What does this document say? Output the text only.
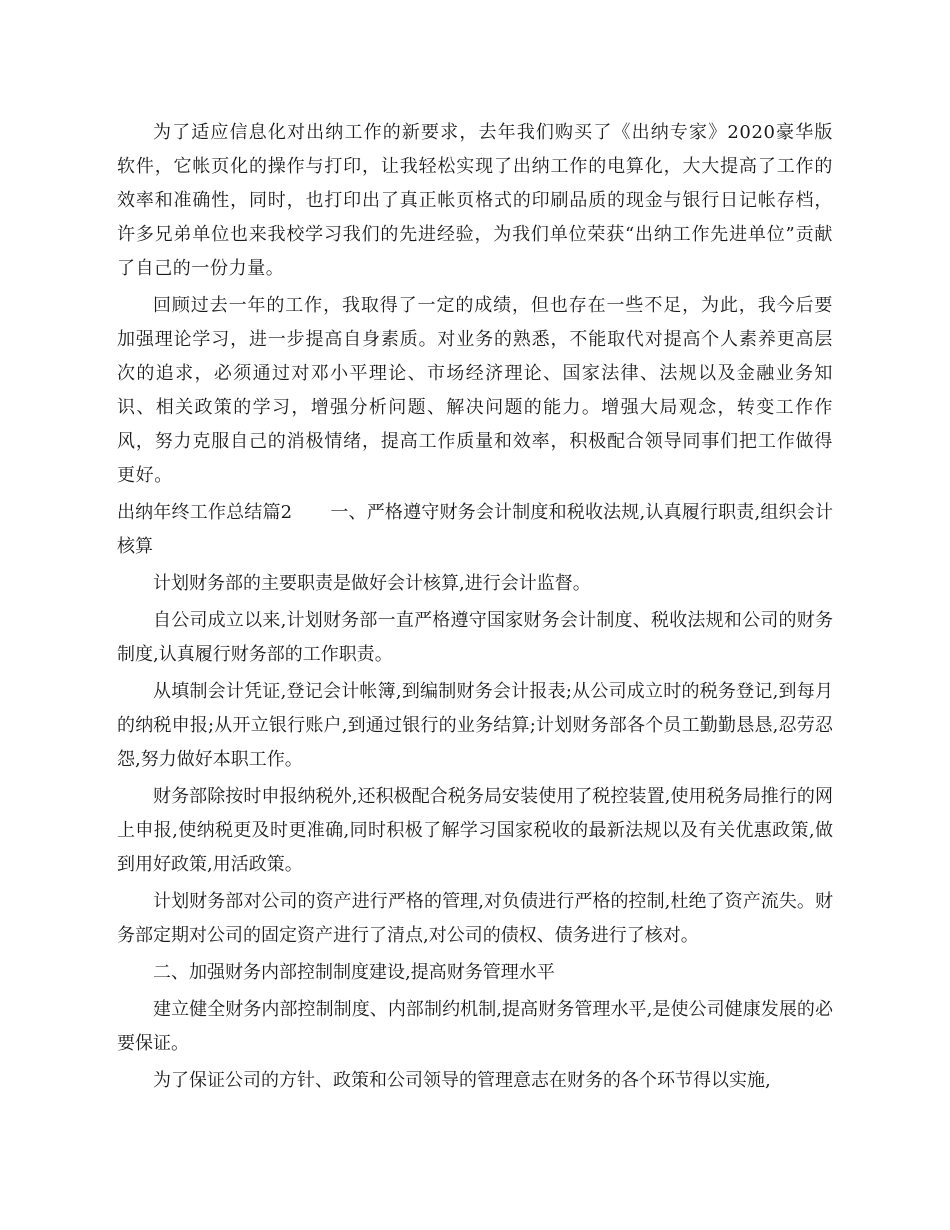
为了适应信息化对出纳工作的新要求，去年我们购买了《出纳专家》2020豪华版软件，它帐页化的操作与打印，让我轻松实现了出纳工作的电算化，大大提高了工作的效率和准确性，同时，也打印出了真正帐页格式的印刷品质的现金与银行日记帐存档，许多兄弟单位也来我校学习我们的先进经验，为我们单位荣获“出纳工作先进单位”贡献了自己的一份力量。

回顾过去一年的工作，我取得了一定的成绩，但也存在一些不足，为此，我今后要加强理论学习，进一步提高自身素质。对业务的熟悉，不能取代对提高个人素养更高层次的追求，必须通过对邓小平理论、市场经济理论、国家法律、法规以及金融业务知识、相关政策的学习，增强分析问题、解决问题的能力。增强大局观念，转变工作作风，努力克服自己的消极情绪，提高工作质量和效率，积极配合领导同事们把工作做得更好。

出纳年终工作总结篇2 一、严格遵守财务会计制度和税收法规,认真履行职责,组织会计核算

计划财务部的主要职责是做好会计核算,进行会计监督。

自公司成立以来,计划财务部一直严格遵守国家财务会计制度、税收法规和公司的财务制度,认真履行财务部的工作职责。

从填制会计凭证,登记会计帐簿,到编制财务会计报表;从公司成立时的税务登记,到每月的纳税申报;从开立银行账户,到通过银行的业务结算;计划财务部各个员工勤勤恳恳,忍劳忍怨,努力做好本职工作。

财务部除按时申报纳税外,还积极配合税务局安装使用了税控装置,使用税务局推行的网上申报,使纳税更及时更准确,同时积极了解学习国家税收的最新法规以及有关优惠政策,做到用好政策,用活政策。

计划财务部对公司的资产进行严格的管理,对负债进行严格的控制,杜绝了资产流失。财务部定期对公司的固定资产进行了清点,对公司的债权、债务进行了核对。

二、加强财务内部控制制度建设,提高财务管理水平

建立健全财务内部控制制度、内部制约机制,提高财务管理水平,是使公司健康发展的必要保证。

为了保证公司的方针、政策和公司领导的管理意志在财务的各个环节得以实施,
